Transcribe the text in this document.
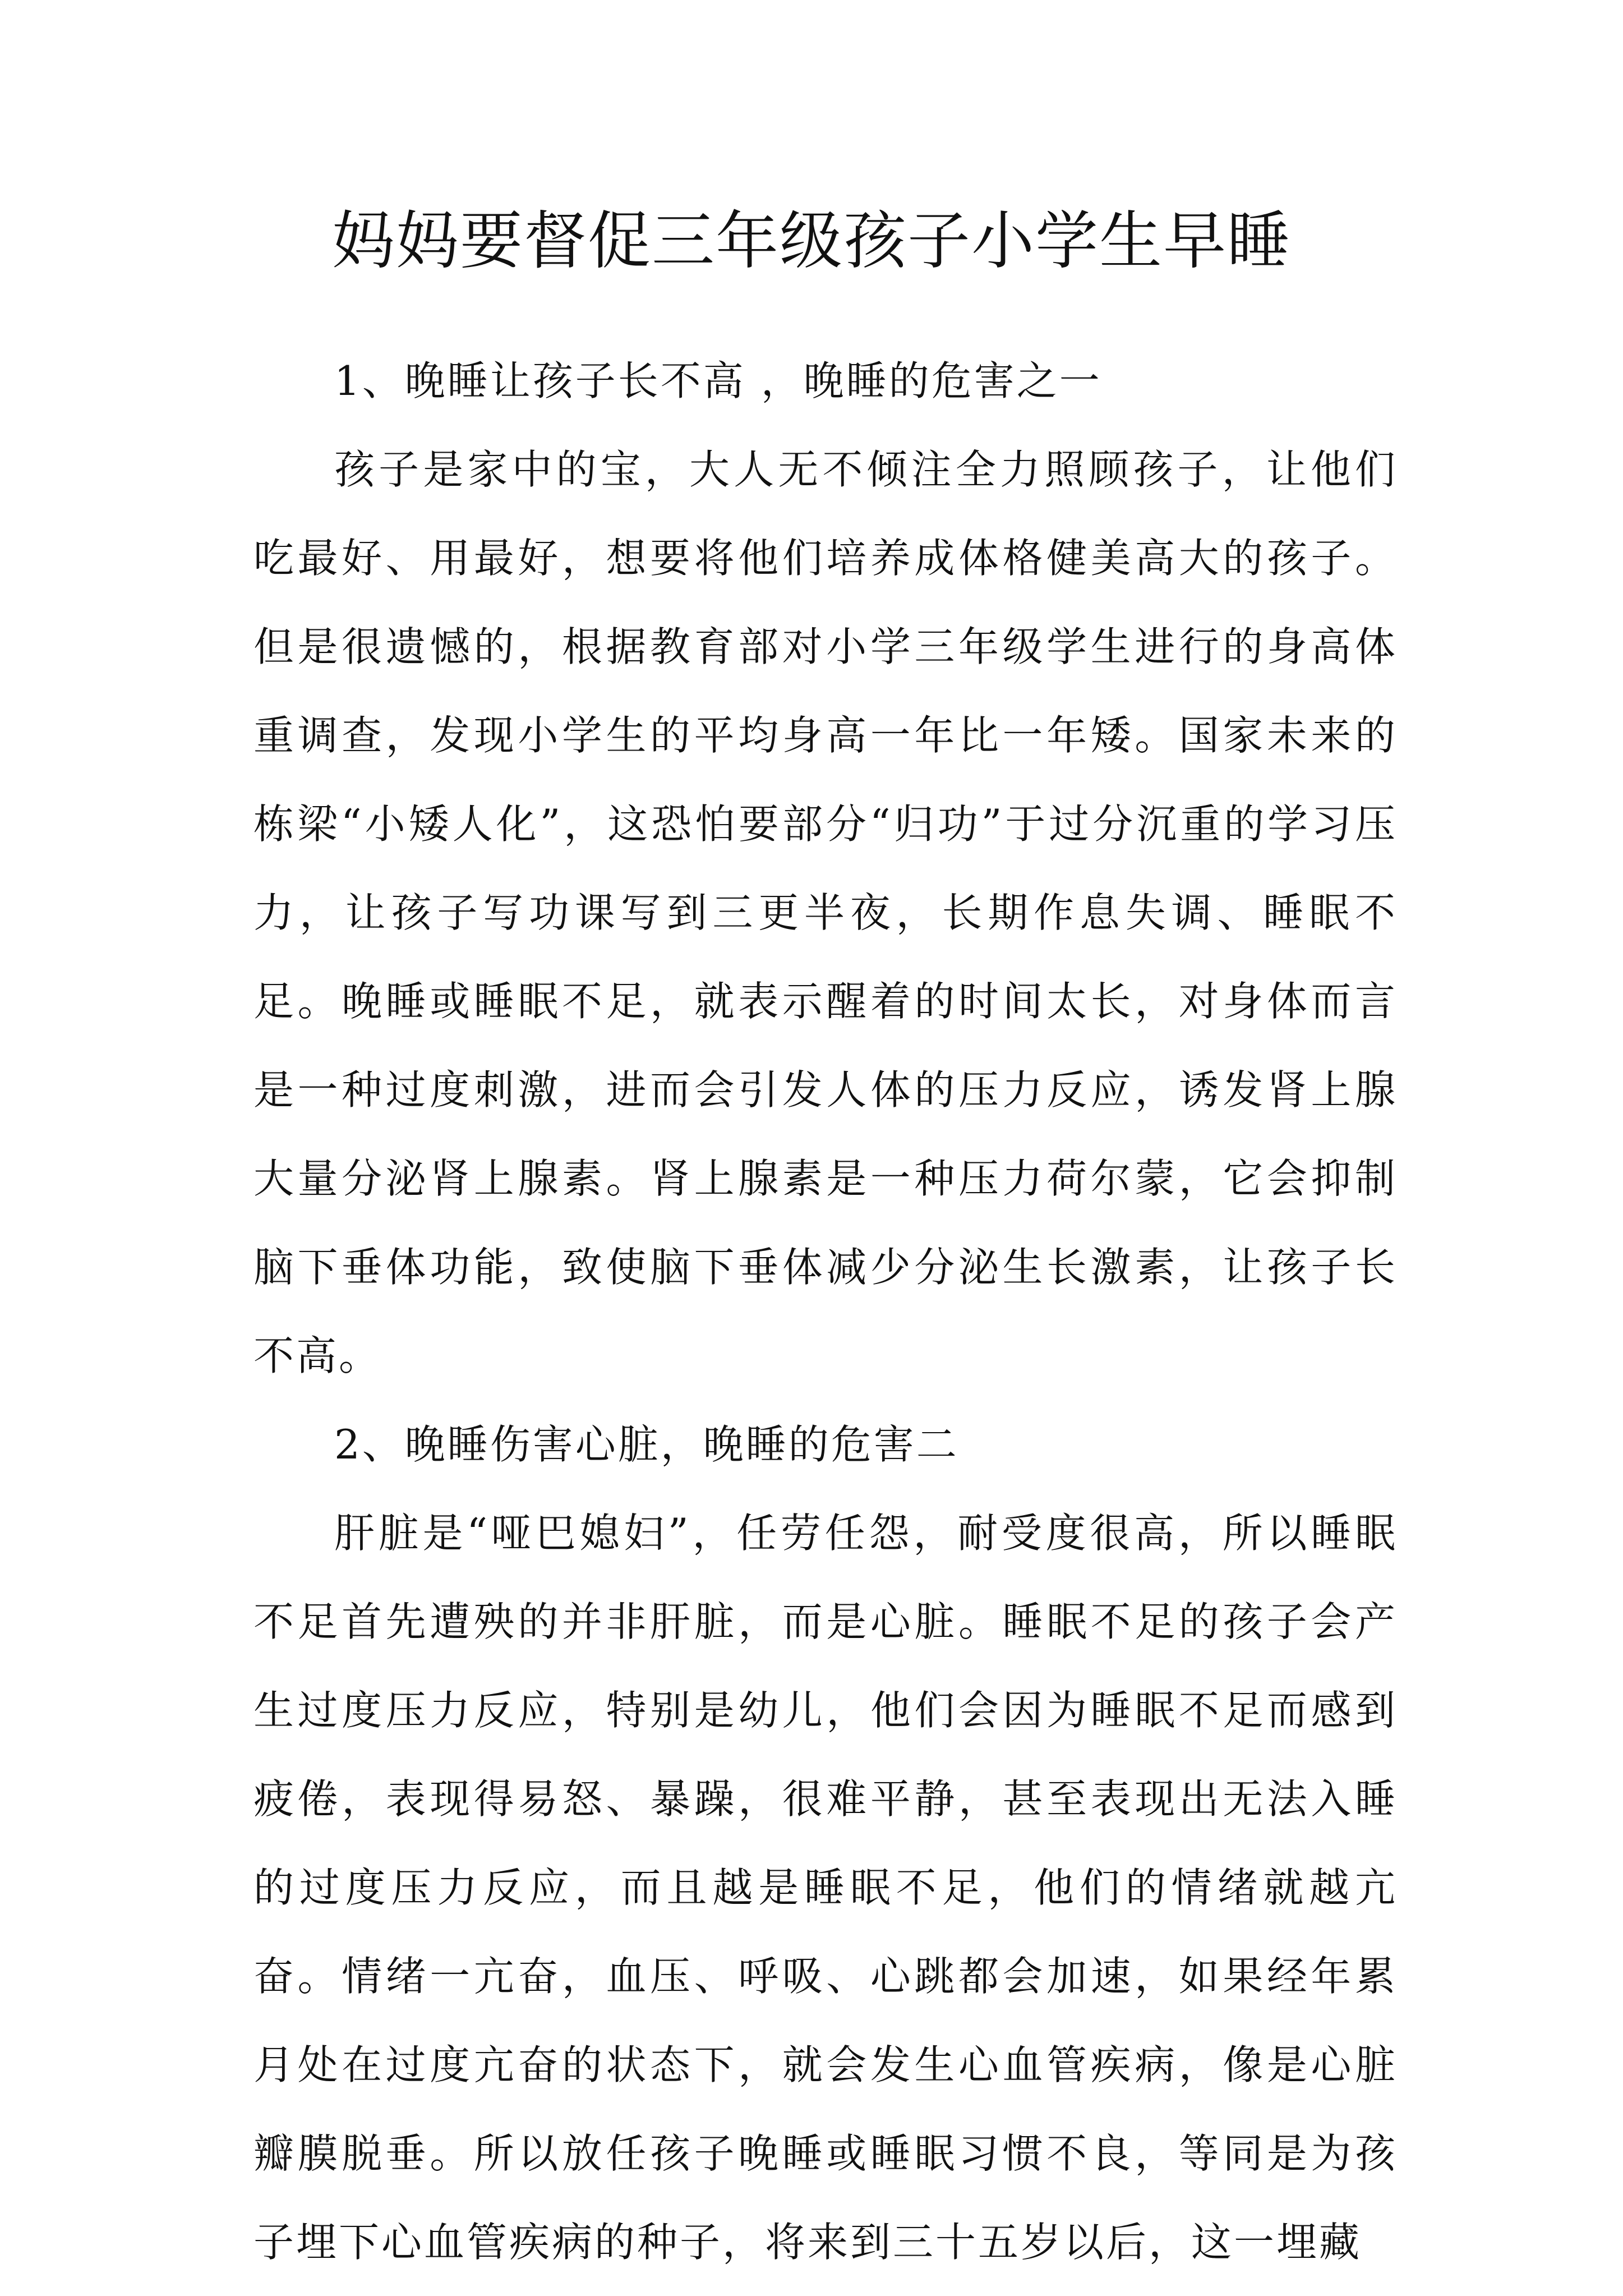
妈妈要督促三年级孩子小学生早睡

1、晚睡让孩子长不高 ，晚睡的危害之一

孩子是家中的宝，大人无不倾注全力照顾孩子，让他们吃最好、用最好，想要将他们培养成体格健美高大的孩子。但是很遗憾的，根据教育部对小学三年级学生进行的身高体重调查，发现小学生的平均身高一年比一年矮。国家未来的栋梁“小矮人化”，这恐怕要部分“归功”于过分沉重的学习压力，让孩子写功课写到三更半夜，长期作息失调、睡眠不足。晚睡或睡眠不足，就表示醒着的时间太长，对身体而言是一种过度刺激，进而会引发人体的压力反应，诱发肾上腺大量分泌肾上腺素。肾上腺素是一种压力荷尔蒙，它会抑制脑下垂体功能，致使脑下垂体减少分泌生长激素，让孩子长不高。

2、晚睡伤害心脏，晚睡的危害二

肝脏是“哑巴媳妇”，任劳任怨，耐受度很高，所以睡眠不足首先遭殃的并非肝脏，而是心脏。睡眠不足的孩子会产生过度压力反应，特别是幼儿，他们会因为睡眠不足而感到疲倦，表现得易怒、暴躁，很难平静，甚至表现出无法入睡的过度压力反应，而且越是睡眠不足，他们的情绪就越亢奋。情绪一亢奋，血压、呼吸、心跳都会加速，如果经年累月处在过度亢奋的状态下，就会发生心血管疾病，像是心脏瓣膜脱垂。所以放任孩子晚睡或睡眠习惯不良，等同是为孩子埋下心血管疾病的种子，将来到三十五岁以后，这一埋藏
